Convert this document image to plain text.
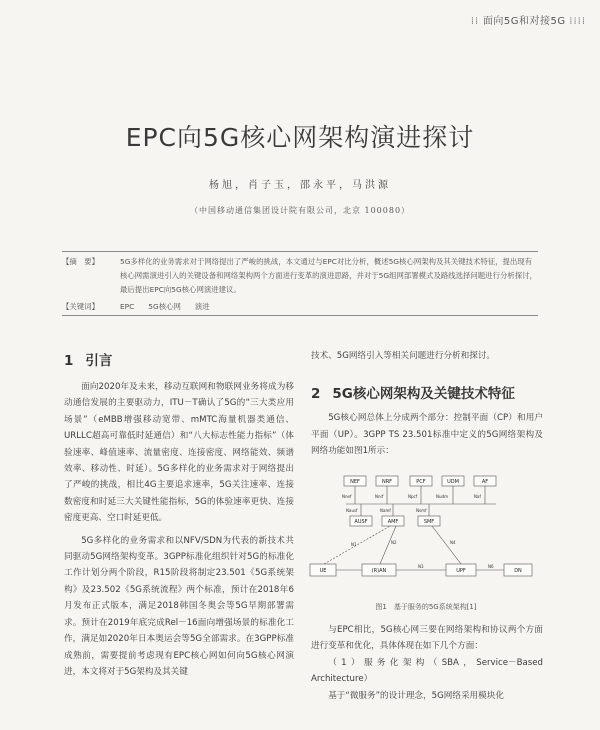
⁞⁞ 面向5G和对接5G ⁞⁞⁞⁞
EPC向5G核心网架构演进探讨
杨旭，肖子玉，邵永平，马洪源
（中国移动通信集团设计院有限公司，北京 100080）
【摘　要】	5G多样化的业务需求对于网络提出了严峻的挑战，本文通过与EPC对比分析，概述5G核心网架构及其关键技术特征，提出现有核心网需演进引入的关键设备和网络架构两个方面进行变革的演进思路，并对于5G组网部署模式及路线选择问题进行分析探讨，最后提出EPC向5G核心网演进建议。
【关键词】	EPC 5G核心网 演进
1 引言

面向2020年及未来，移动互联网和物联网业务将成为移动通信发展的主要驱动力，ITU－T确认了5G的“三大类应用场景”（eMBB增强移动宽带、mMTC海量机器类通信、URLLC超高可靠低时延通信）和“八大标志性能力指标”（体验速率、峰值速率、流量密度、连接密度、网络能效、频谱效率、移动性、时延）。5G多样化的业务需求对于网络提出了严峻的挑战，相比4G主要追求速率，5G关注速率、连接数密度和时延三大关键性能指标，5G的体验速率更快、连接密度更高、空口时延更低。

5G多样化的业务需求和以NFV/SDN为代表的新技术共同驱动5G网络架构变革。3GPP标准化组织针对5G的标准化工作计划分两个阶段，R15阶段将制定23.501《5G系统架构》及23.502《5G系统流程》两个标准，预计在2018年6月发布正式版本，满足2018韩国冬奥会等5G早期部署需求。预计在2019年底完成Rel－16面向增强场景的标准化工作，满足如2020年日本奥运会等5G全部需求。在3GPP标准成熟前，需要提前考虑现有EPC核心网如何向5G核心网演进，本文将对于5G架构及其关键

技术、5G网络引入等相关问题进行分析和探讨。
2 5G核心网架构及关键技术特征

5G核心网总体上分成两个部分：控制平面（CP）和用户平面（UP）。3GPP TS 23.501标准中定义的5G网络架构及网络功能如图1所示：

NEF	NRF	PCF	UDM	AF
AUSF	AMF	SMF
UE	(R)AN	UPF	DN
Nnef	Nnrf	Npcf	Nudm	Naf
Nausf	Namf	Nsmf
N1	N2
N3
N4
N6
图1　基于服务的5G系统架构[1]

与EPC相比，5G核心网三要在网络架构和协议两个方面进行变革和优化，具体体现在如下几个方面：

（1）服务化架构（SBA，Service－Based Architecture）

基于“微服务”的设计理念，5G网络采用模块化
